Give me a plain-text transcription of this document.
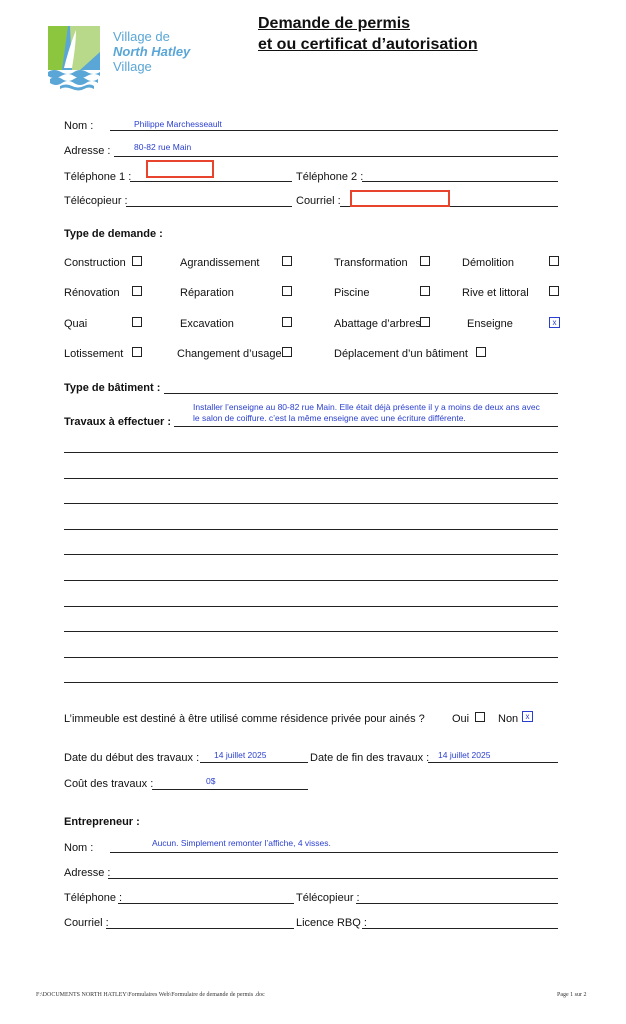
Village de
North Hatley
Village
Demande de permis
et ou certificat d’autorisation
Nom :	Philippe Marchesseault
Adresse :	80-82 rue Main
Téléphone 1 :	Téléphone 2 :
Télécopieur :	Courriel :
Type de demande :
Construction	Agrandissement	Transformation	Démolition
Rénovation	Réparation	Piscine	Rive et littoral
Quai	Excavation	Abattage d’arbres	Enseigne	x
Lotissement	Changement d’usage	Déplacement d’un bâtiment
Type de bâtiment :
Travaux à effectuer :
Installer l’enseigne au 80-82 rue Main. Elle était déjà présente il y a moins de deux ans avec le salon de coiffure. c’est la même enseigne avec une écriture différente.
L’immeuble est destiné à être utilisé comme résidence privée pour ainés ? Oui	Non x
Date du début des travaux : 14 juillet 2025	Date de fin des travaux : 14 juillet 2025
Coût des travaux :	0$
Entrepreneur :
Nom :	Aucun. Simplement remonter l’affiche, 4 visses.
Adresse :
Téléphone :	Télécopieur :
Courriel :	Licence RBQ :
F:\DOCUMENTS NORTH HATLEY\Formulaires Web\Formulaire de demande de permis .doc	Page 1 sur 2
